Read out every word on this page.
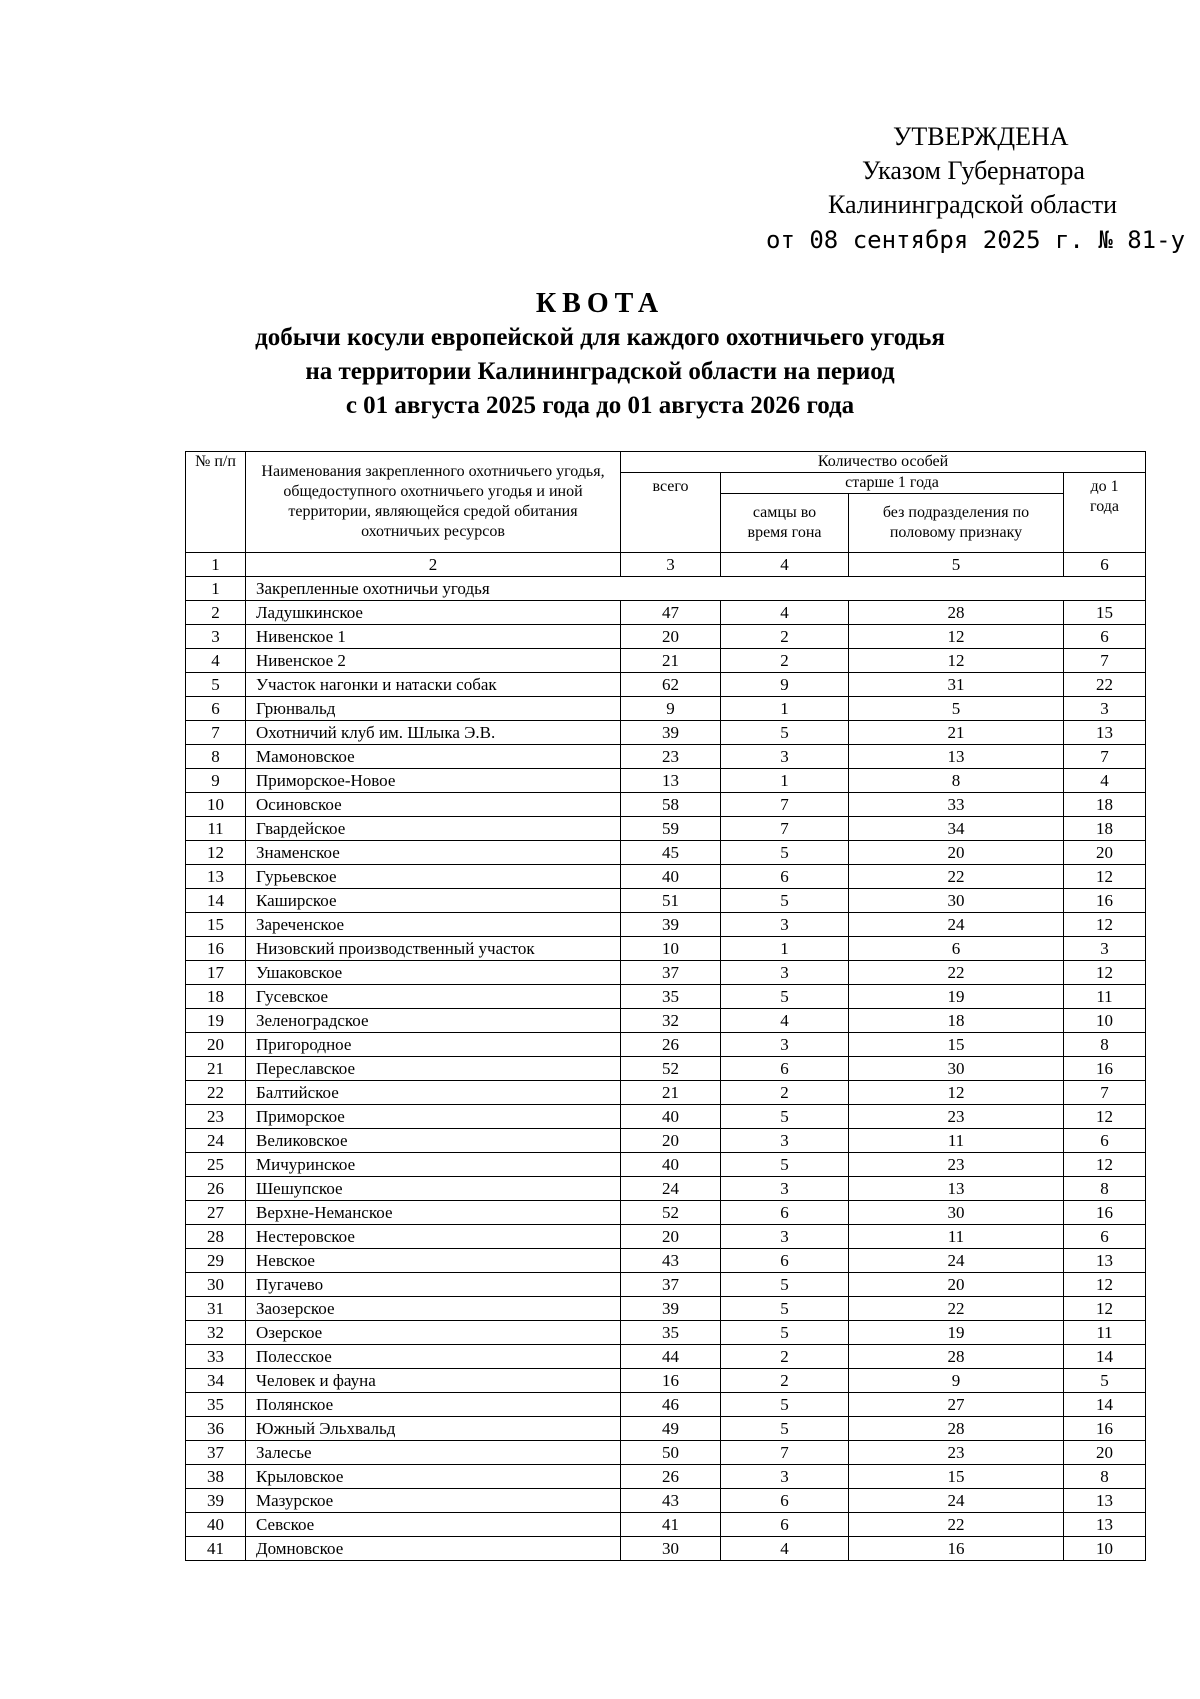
УТВЕРЖДЕНА
Указом Губернатора
Калининградской области
от 08 сентября 2025 г. № 81-у
КВОТА
добычи косули европейской для каждого охотничьего угодья
на территории Калининградской области на период
с 01 августа 2025 года до 01 августа 2026 года
№ п/п	Наименования закрепленного охотничьего угодья, общедоступного охотничьего угодья и иной территории, являющейся средой обитания охотничьих ресурсов	Количество особей			
		всего	старше 1 года		до 1 года
			самцы во время гона	без подразделения по половому признаку	
1	2	3	4	5	6
1	Закрепленные охотничьи угодья				
2	Ладушкинское	47	4	28	15
3	Нивенское 1	20	2	12	6
4	Нивенское 2	21	2	12	7
5	Участок нагонки и натаски собак	62	9	31	22
6	Грюнвальд	9	1	5	3
7	Охотничий клуб им. Шлыка Э.В.	39	5	21	13
8	Мамоновское	23	3	13	7
9	Приморское-Новое	13	1	8	4
10	Осиновское	58	7	33	18
11	Гвардейское	59	7	34	18
12	Знаменское	45	5	20	20
13	Гурьевское	40	6	22	12
14	Каширское	51	5	30	16
15	Зареченское	39	3	24	12
16	Низовский производственный участок	10	1	6	3
17	Ушаковское	37	3	22	12
18	Гусевское	35	5	19	11
19	Зеленоградское	32	4	18	10
20	Пригородное	26	3	15	8
21	Переславское	52	6	30	16
22	Балтийское	21	2	12	7
23	Приморское	40	5	23	12
24	Великовское	20	3	11	6
25	Мичуринское	40	5	23	12
26	Шешупское	24	3	13	8
27	Верхне-Неманское	52	6	30	16
28	Нестеровское	20	3	11	6
29	Невское	43	6	24	13
30	Пугачево	37	5	20	12
31	Заозерское	39	5	22	12
32	Озерское	35	5	19	11
33	Полесское	44	2	28	14
34	Человек и фауна	16	2	9	5
35	Полянское	46	5	27	14
36	Южный Эльхвальд	49	5	28	16
37	Залесье	50	7	23	20
38	Крыловское	26	3	15	8
39	Мазурское	43	6	24	13
40	Севское	41	6	22	13
41	Домновское	30	4	16	10
